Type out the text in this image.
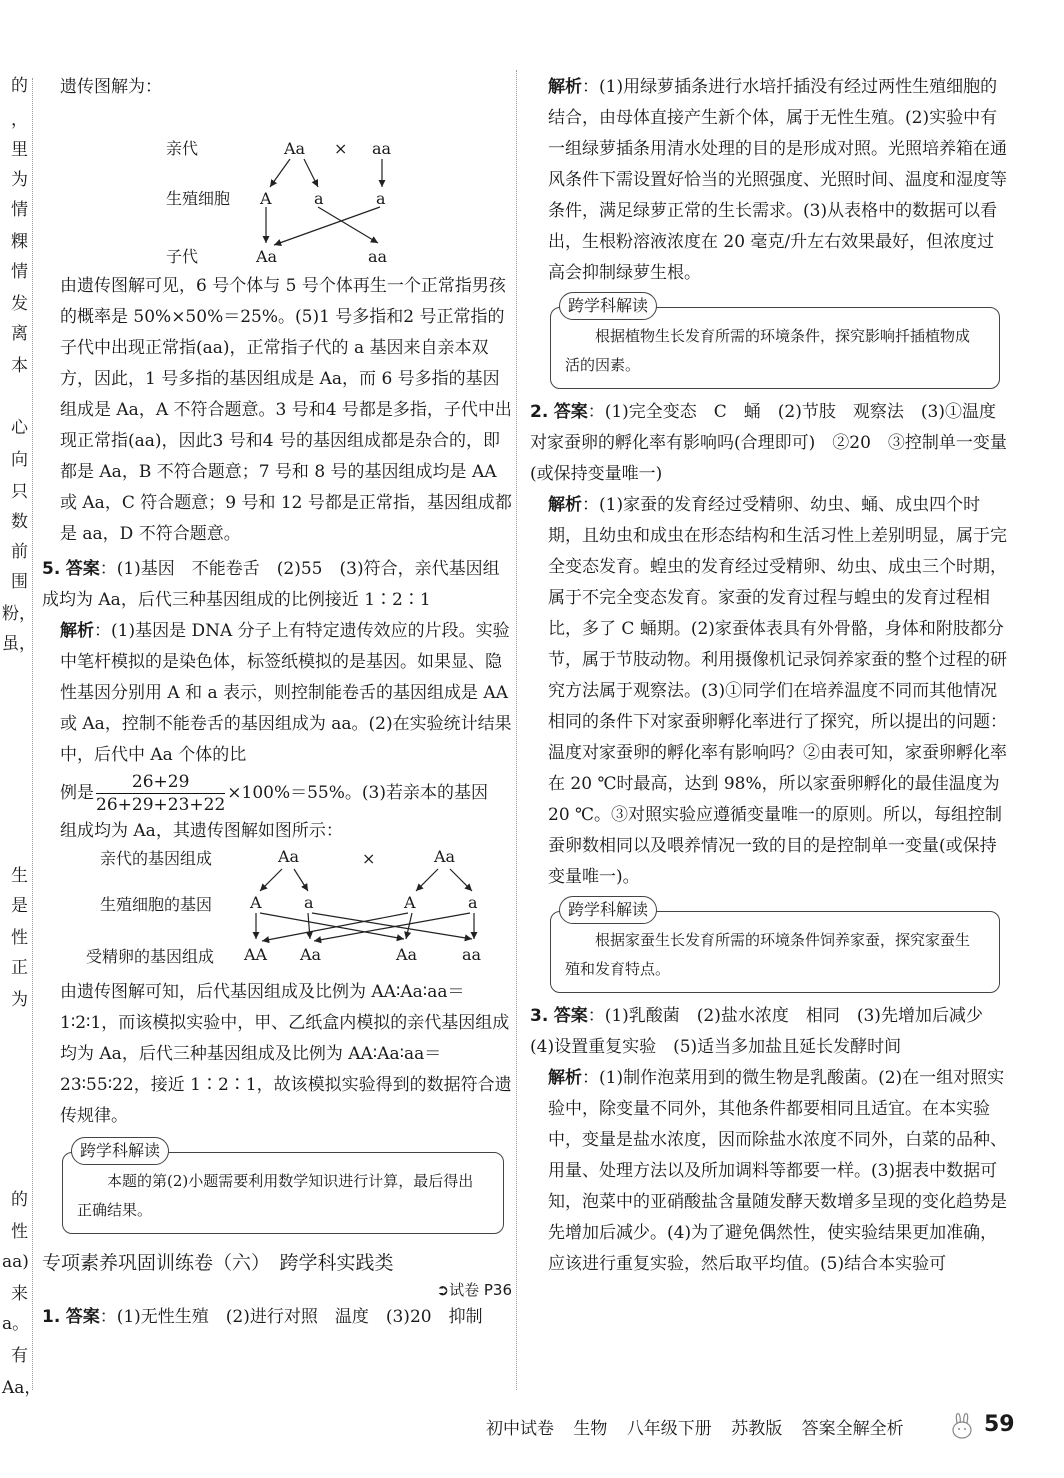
的
，
里
为
情
粿
情
发
离
本
心
向
只
数
前
围
粉，
虽，
生
是
性
正
为
的
性
aa)
来
a。
有
Aa，

遗传图解为：

亲代	Aa × aa
生殖细胞 A	a	a
子代	Aa	aa

由遗传图解可见，6 号个体与 5 号个体再生一个正常指男孩的概率是 50%×50%＝25%。(5)1 号多指和2 号正常指的子代中出现正常指(aa)，正常指子代的 a 基因来自亲本双方，因此，1 号多指的基因组成是 Aa，而 6 号多指的基因组成是 Aa，A 不符合题意。3 号和4 号都是多指，子代中出现正常指(aa)，因此3 号和4 号的基因组成都是杂合的，即都是 Aa，B 不符合题意；7 号和 8 号的基因组成均是 AA 或 Aa，C 符合题意；9 号和 12 号都是正常指，基因组成都是 aa，D 不符合题意。

5. 答案：(1)基因　不能卷舌　(2)55　(3)符合，亲代基因组成均为 Aa，后代三种基因组成的比例接近 1∶2∶1

解析：(1)基因是 DNA 分子上有特定遗传效应的片段。实验中笔杆模拟的是染色体，标签纸模拟的是基因。如果显、隐性基因分别用 A 和 a 表示，则控制能卷舌的基因组成是 AA 或 Aa，控制不能卷舌的基因组成为 aa。(2)在实验统计结果中，后代中 Aa 个体的比

例是 $\frac{26+29}{26+29+23+22} \times 100\%=55\%$。(3)若亲本的基因

组成均为 Aa，其遗传图解如图所示：

亲代的基因组成	Aa	×	Aa
生殖细胞的基因 A	a	A	a
受精卵的基因组成 AA Aa	Aa	aa

由遗传图解可知，后代基因组成及比例为 AA∶Aa∶aa＝1∶2∶1，而该模拟实验中，甲、乙纸盒内模拟的亲代基因组成均为 Aa，后代三种基因组成及比例为 AA∶Aa∶aa＝23∶55∶22，接近 1∶2∶1，故该模拟实验得到的数据符合遗传规律。

跨学科解读

本题的第(2)小题需要利用数学知识进行计算，最后得出正确结果。

专项素养巩固训练卷（六）　跨学科实践类
➲试卷 P36

1. 答案：(1)无性生殖　(2)进行对照　温度　(3)20　抑制

解析：(1)用绿萝插条进行水培扦插没有经过两性生殖细胞的结合，由母体直接产生新个体，属于无性生殖。(2)实验中有一组绿萝插条用清水处理的目的是形成对照。光照培养箱在通风条件下需设置好恰当的光照强度、光照时间、温度和湿度等条件，满足绿萝正常的生长需求。(3)从表格中的数据可以看出，生根粉溶液浓度在 20 毫克/升左右效果最好，但浓度过高会抑制绿萝生根。

跨学科解读

根据植物生长发育所需的环境条件，探究影响扦插植物成活的因素。

2. 答案：(1)完全变态　C　蛹　(2)节肢　观察法　(3)①温度对家蚕卵的孵化率有影响吗(合理即可)　②20　③控制单一变量(或保持变量唯一)

解析：(1)家蚕的发育经过受精卵、幼虫、蛹、成虫四个时期，且幼虫和成虫在形态结构和生活习性上差别明显，属于完全变态发育。蝗虫的发育经过受精卵、幼虫、成虫三个时期，属于不完全变态发育。家蚕的发育过程与蝗虫的发育过程相比，多了 C 蛹期。(2)家蚕体表具有外骨骼，身体和附肢都分节，属于节肢动物。利用摄像机记录饲养家蚕的整个过程的研究方法属于观察法。(3)①同学们在培养温度不同而其他情况相同的条件下对家蚕卵孵化率进行了探究，所以提出的问题：温度对家蚕卵的孵化率有影响吗？②由表可知，家蚕卵孵化率在 20 ℃时最高，达到 98%，所以家蚕卵孵化的最佳温度为 20 ℃。③对照实验应遵循变量唯一的原则。所以，每组控制蚕卵数相同以及喂养情况一致的目的是控制单一变量(或保持变量唯一)。

跨学科解读

根据家蚕生长发育所需的环境条件饲养家蚕，探究家蚕生殖和发育特点。

3. 答案：(1)乳酸菌　(2)盐水浓度　相同　(3)先增加后减少　(4)设置重复实验　(5)适当多加盐且延长发酵时间

解析：(1)制作泡菜用到的微生物是乳酸菌。(2)在一组对照实验中，除变量不同外，其他条件都要相同且适宜。在本实验中，变量是盐水浓度，因而除盐水浓度不同外，白菜的品种、用量、处理方法以及所加调料等都要一样。(3)据表中数据可知，泡菜中的亚硝酸盐含量随发酵天数增多呈现的变化趋势是先增加后减少。(4)为了避免偶然性，使实验结果更加准确，应该进行重复实验，然后取平均值。(5)结合本实验可

初中试卷 生物 八年级下册 苏教版 答案全解全析	59
